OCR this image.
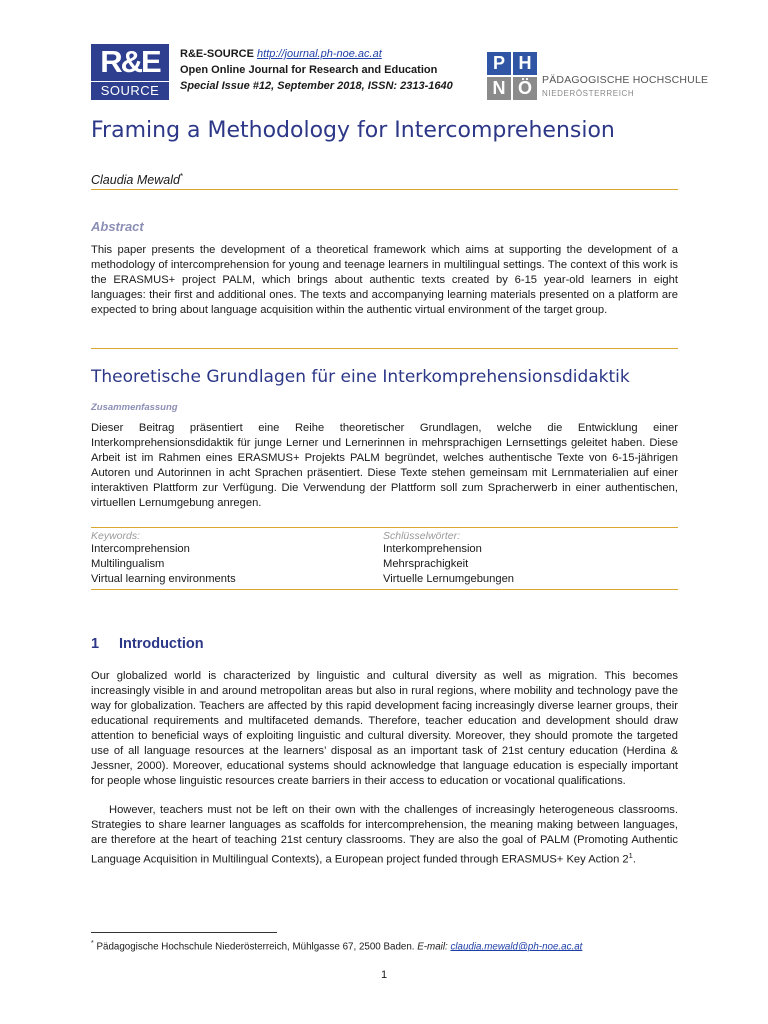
R&E
SOURCE
R&E-SOURCE http://journal.ph-noe.ac.at
Open Online Journal for Research and Education
Special Issue #12, September 2018, ISSN: 2313-1640
P H
N Ö PÄDAGOGISCHE HOCHSCHULE
NIEDERÖSTERREICH
Framing a Methodology for Intercomprehension
Claudia Mewald*
Abstract
This paper presents the development of a theoretical framework which aims at supporting the development of a methodology of intercomprehension for young and teenage learners in multilingual settings. The context of this work is the ERASMUS+ project PALM, which brings about authentic texts created by 6-15 year-old learners in eight languages: their first and additional ones. The texts and accompanying learning materials presented on a platform are expected to bring about language acquisition within the authentic virtual environment of the target group.
Theoretische Grundlagen für eine Interkomprehensionsdidaktik
Zusammenfassung
Dieser Beitrag präsentiert eine Reihe theoretischer Grundlagen, welche die Entwicklung einer Interkomprehensionsdidaktik für junge Lerner und Lernerinnen in mehrsprachigen Lernsettings geleitet haben. Diese Arbeit ist im Rahmen eines ERASMUS+ Projekts PALM begründet, welches authentische Texte von 6-15-jährigen Autoren und Autorinnen in acht Sprachen präsentiert. Diese Texte stehen gemeinsam mit Lernmaterialien auf einer interaktiven Plattform zur Verfügung. Die Verwendung der Plattform soll zum Spracherwerb in einer authentischen, virtuellen Lernumgebung anregen.
Keywords:
Intercomprehension
Multilingualism
Virtual learning environments
Schlüsselwörter:
Interkomprehension
Mehrsprachigkeit
Virtuelle Lernumgebungen
1 Introduction
Our globalized world is characterized by linguistic and cultural diversity as well as migration. This becomes increasingly visible in and around metropolitan areas but also in rural regions, where mobility and technology pave the way for globalization. Teachers are affected by this rapid development facing increasingly diverse learner groups, their educational requirements and multifaceted demands. Therefore, teacher education and development should draw attention to beneficial ways of exploiting linguistic and cultural diversity. Moreover, they should promote the targeted use of all language resources at the learners’ disposal as an important task of 21st century education (Herdina & Jessner, 2000). Moreover, educational systems should acknowledge that language education is especially important for people whose linguistic resources create barriers in their access to education or vocational qualifications.
However, teachers must not be left on their own with the challenges of increasingly heterogeneous classrooms. Strategies to share learner languages as scaffolds for intercomprehension, the meaning making between languages, are therefore at the heart of teaching 21st century classrooms. They are also the goal of PALM (Promoting Authentic Language Acquisition in Multilingual Contexts), a European project funded through ERASMUS+ Key Action $2^1$.
* Pädagogische Hochschule Niederösterreich, Mühlgasse 67, 2500 Baden. E-mail: claudia.mewald@ph-noe.ac.at
1
